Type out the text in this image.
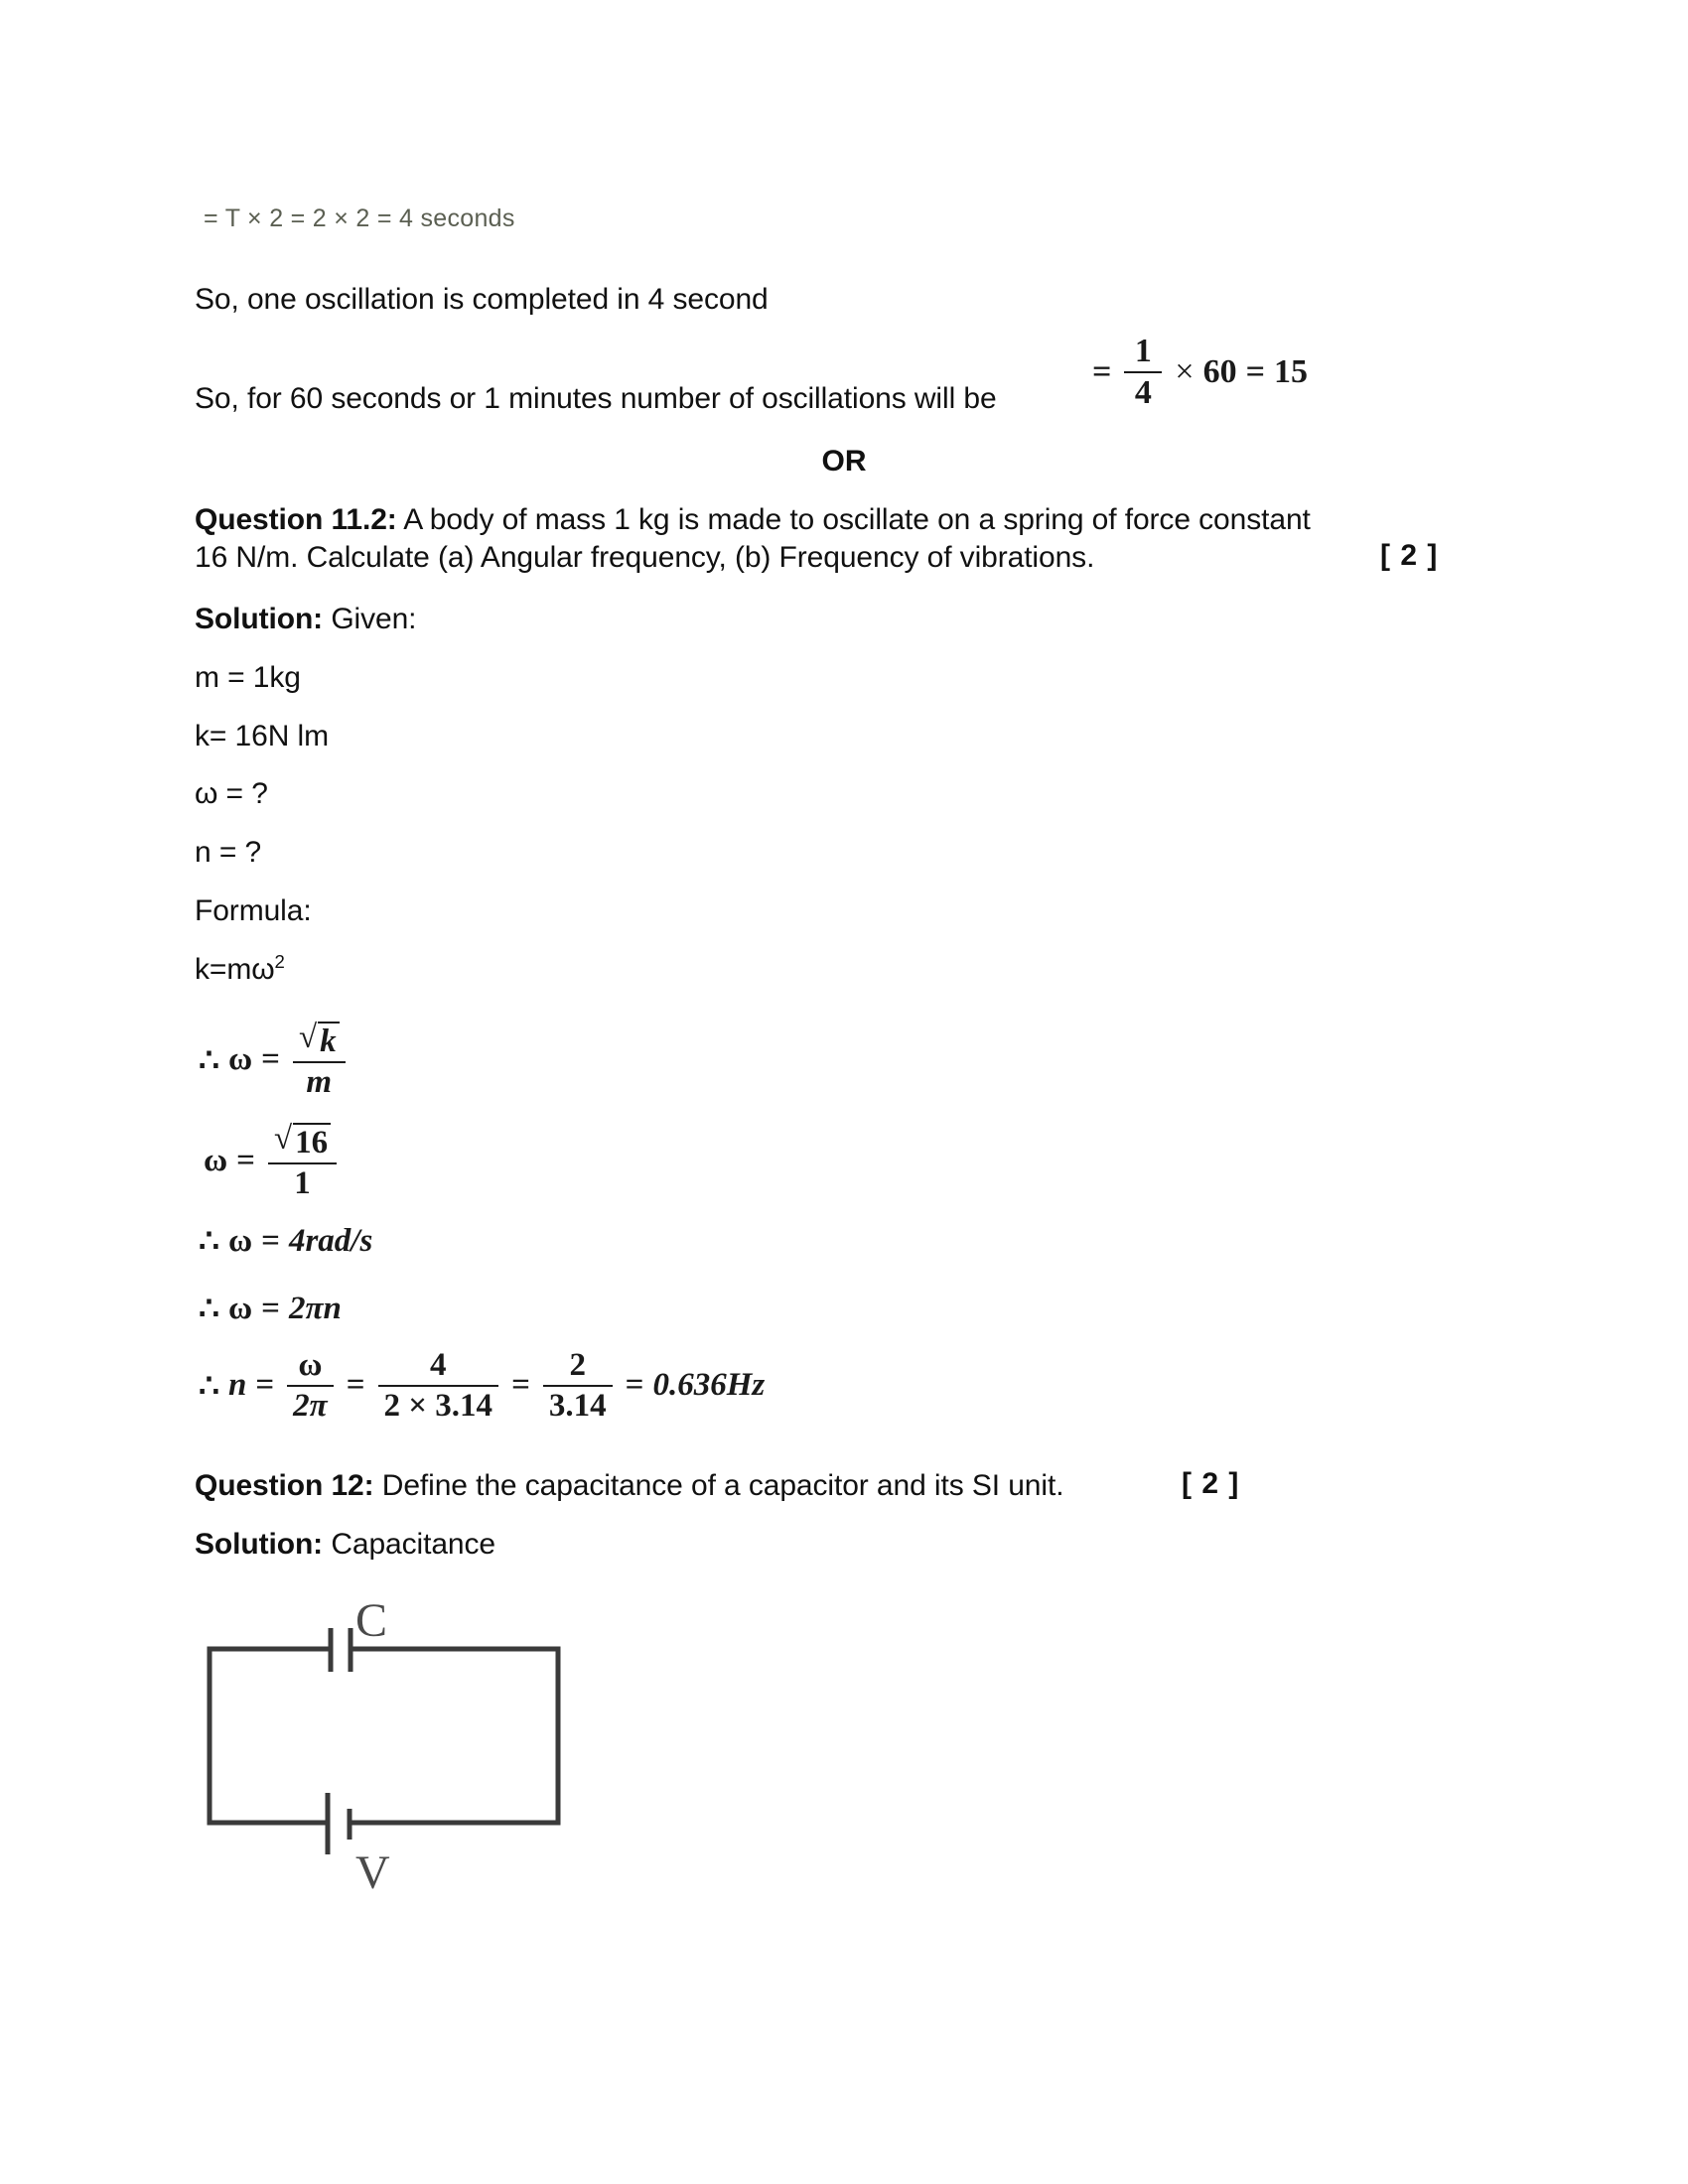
= T × 2 = 2 × 2 = 4 seconds
So, one oscillation is completed in 4 second
So, for 60 seconds or 1 minutes number of oscillations will be
= $\frac{1}{4} \times 60 = 15$
OR
Question 11.2: A body of mass 1 kg is made to oscillate on a spring of force constant
16 N/m. Calculate (a) Angular frequency, (b) Frequency of vibrations.	[ 2 ]
Solution: Given:
m = 1kg
k= 16N lm
ω = ?
n = ?
Formula:
$k=m\omega^2$
∴ $\omega = \frac{√ k}{m}$
$\omega = \frac{√ 16}{1}$
∴ ω = 4rad/s
∴ ω = 2πn
∴ $n = \frac{\omega}{2\pi} = \frac{4}{2 \times 3.14} = \frac{2}{3.14} = 0.636Hz$
Question 12: Define the capacitance of a capacitor and its SI unit.	[ 2 ]
Solution: Capacitance
C
V
